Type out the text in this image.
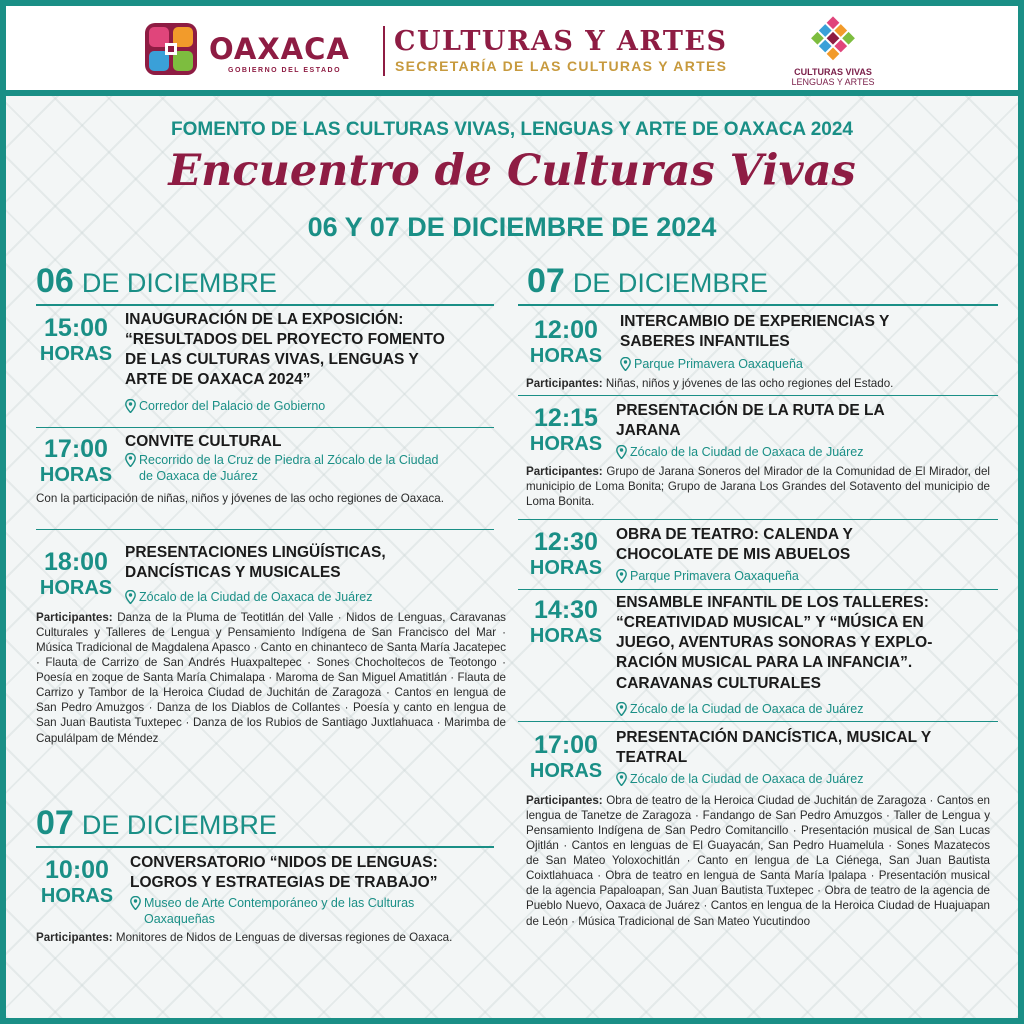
OAXACA
GOBIERNO DEL ESTADO
CULTURAS Y ARTES
SECRETARÍA DE LAS CULTURAS Y ARTES	CULTURAS VIVAS
LENGUAS Y ARTES
FOMENTO DE LAS CULTURAS VIVAS, LENGUAS Y ARTE DE OAXACA 2024
Encuentro de Culturas Vivas
06 Y 07 DE DICIEMBRE DE 2024
06 DE DICIEMBRE
15:00
HORAS
INAUGURACIÓN DE LA EXPOSICIÓN:
“RESULTADOS DEL PROYECTO FOMENTO
DE LAS CULTURAS VIVAS, LENGUAS Y
ARTE DE OAXACA 2024”
Corredor del Palacio de Gobierno
17:00
HORAS
CONVITE CULTURAL
Recorrido de la Cruz de Piedra al Zócalo de la Ciudad
de Oaxaca de Juárez
Con la participación de niñas, niños y jóvenes de las ocho regiones de Oaxaca.
18:00
HORAS
PRESENTACIONES LINGÜÍSTICAS,
DANCÍSTICAS Y MUSICALES
Zócalo de la Ciudad de Oaxaca de Juárez
Participantes: Danza de la Pluma de Teotitlán del Valle · Nidos de Lenguas, Caravanas Culturales y Talleres de Lengua y Pensamiento Indígena de San Francisco del Mar · Música Tradicional de Magdalena Apasco · Canto en chinanteco de Santa María Jacatepec · Flauta de Carrizo de San Andrés Huaxpaltepec · Sones Chocholtecos de Teotongo · Poesía en zoque de Santa María Chimalapa · Maroma de San Miguel Amatitlán · Flauta de Carrizo y Tambor de la Heroica Ciudad de Juchitán de Zaragoza · Cantos en lengua de San Pedro Amuzgos · Danza de los Diablos de Collantes · Poesía y canto en lengua de San Juan Bautista Tuxtepec · Danza de los Rubios de Santiago Juxtlahuaca · Marimba de Capulálpam de Méndez
07 DE DICIEMBRE
10:00
HORAS
CONVERSATORIO “NIDOS DE LENGUAS:
LOGROS Y ESTRATEGIAS DE TRABAJO”
Museo de Arte Contemporáneo y de las Culturas
Oaxaqueñas
Participantes: Monitores de Nidos de Lenguas de diversas regiones de Oaxaca.
07 DE DICIEMBRE
12:00
HORAS
INTERCAMBIO DE EXPERIENCIAS Y
SABERES INFANTILES
Parque Primavera Oaxaqueña
Participantes: Niñas, niños y jóvenes de las ocho regiones del Estado.
12:15
HORAS
PRESENTACIÓN DE LA RUTA DE LA
JARANA
Zócalo de la Ciudad de Oaxaca de Juárez
Participantes: Grupo de Jarana Soneros del Mirador de la Comunidad de El Mirador, del municipio de Loma Bonita; Grupo de Jarana Los Grandes del Sotavento del municipio de Loma Bonita.
12:30
HORAS
OBRA DE TEATRO: CALENDA Y
CHOCOLATE DE MIS ABUELOS
Parque Primavera Oaxaqueña
14:30
HORAS
ENSAMBLE INFANTIL DE LOS TALLERES:
“CREATIVIDAD MUSICAL” Y “MÚSICA EN
JUEGO, AVENTURAS SONORAS Y EXPLO-
RACIÓN MUSICAL PARA LA INFANCIA”.
CARAVANAS CULTURALES
Zócalo de la Ciudad de Oaxaca de Juárez
17:00
HORAS
PRESENTACIÓN DANCÍSTICA, MUSICAL Y
TEATRAL
Zócalo de la Ciudad de Oaxaca de Juárez
Participantes: Obra de teatro de la Heroica Ciudad de Juchitán de Zaragoza · Cantos en lengua de Tanetze de Zaragoza · Fandango de San Pedro Amuzgos · Taller de Lengua y Pensamiento Indígena de San Pedro Comitancillo · Presentación musical de San Lucas Ojitlán · Cantos en lenguas de El Guayacán, San Pedro Huamelula · Sones Mazatecos de San Mateo Yoloxochitlán · Canto en lengua de La Ciénega, San Juan Bautista Coixtlahuaca · Obra de teatro en lengua de Santa María Ipalapa · Presentación musical de la agencia Papaloapan, San Juan Bautista Tuxtepec · Obra de teatro de la agencia de Pueblo Nuevo, Oaxaca de Juárez · Cantos en lengua de la Heroica Ciudad de Huajuapan de León · Música Tradicional de San Mateo Yucutindoo
